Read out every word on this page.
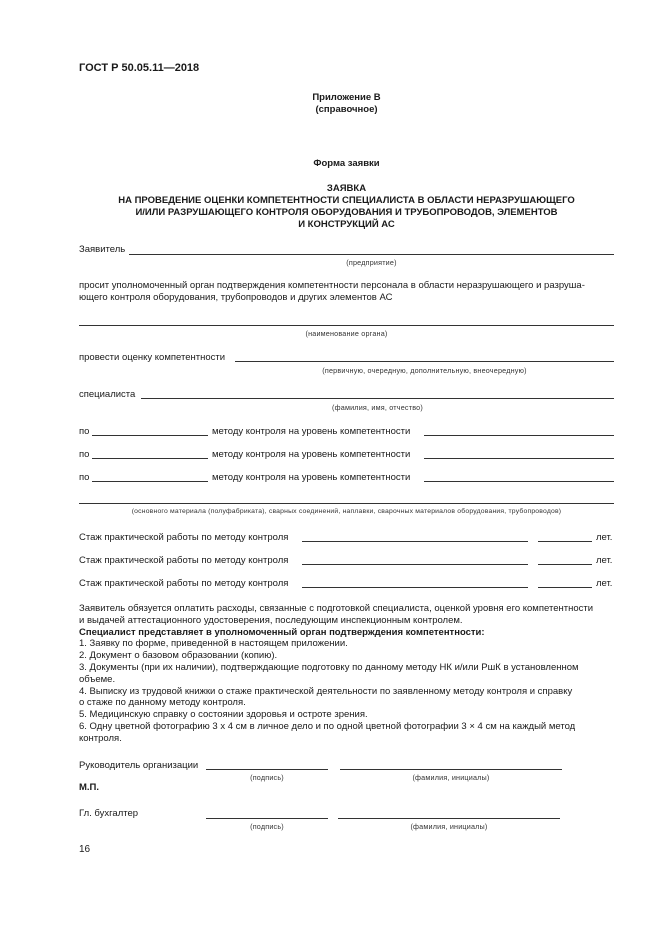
ГОСТ Р 50.05.11—2018
Приложение В
(справочное)
Форма заявки
ЗАЯВКА
НА ПРОВЕДЕНИЕ ОЦЕНКИ КОМПЕТЕНТНОСТИ СПЕЦИАЛИСТА В ОБЛАСТИ НЕРАЗРУШАЮЩЕГО
И/ИЛИ РАЗРУШАЮЩЕГО КОНТРОЛЯ ОБОРУДОВАНИЯ И ТРУБОПРОВОДОВ, ЭЛЕМЕНТОВ
И КОНСТРУКЦИЙ АС
Заявитель
(предприятие)
просит уполномоченный орган подтверждения компетентности персонала в области неразрушающего и разруша-
ющего контроля оборудования, трубопроводов и других элементов АС
(наименование органа)
провести оценку компетентности
(первичную, очередную, дополнительную, внеочередную)
специалиста
(фамилия, имя, отчество)
по	методу контроля на уровень компетентности
по	методу контроля на уровень компетентности
по	методу контроля на уровень компетентности
(основного материала (полуфабриката), сварных соединений, наплавки, сварочных материалов оборудования, трубопроводов)
Стаж практической работы по методу контроля	лет.
Стаж практической работы по методу контроля	лет.
Стаж практической работы по методу контроля	лет.
Заявитель обязуется оплатить расходы, связанные с подготовкой специалиста, оценкой уровня его компетентности
и выдачей аттестационного удостоверения, последующим инспекционным контролем.
Специалист представляет в уполномоченный орган подтверждения компетентности:
1. Заявку по форме, приведенной в настоящем приложении.
2. Документ о базовом образовании (копию).
3. Документы (при их наличии), подтверждающие подготовку по данному методу НК и/или РшК в установленном
объеме.
4. Выписку из трудовой книжки о стаже практической деятельности по заявленному методу контроля и справку
о стаже по данному методу контроля.
5. Медицинскую справку о состоянии здоровья и остроте зрения.
6. Одну цветной фотографию 3 х 4 см в личное дело и по одной цветной фотографии 3 × 4 см на каждый метод
контроля.
Руководитель организации
(подпись)	(фамилия, инициалы)
М.П.
Гл. бухгалтер
(подпись)	(фамилия, инициалы)
16
